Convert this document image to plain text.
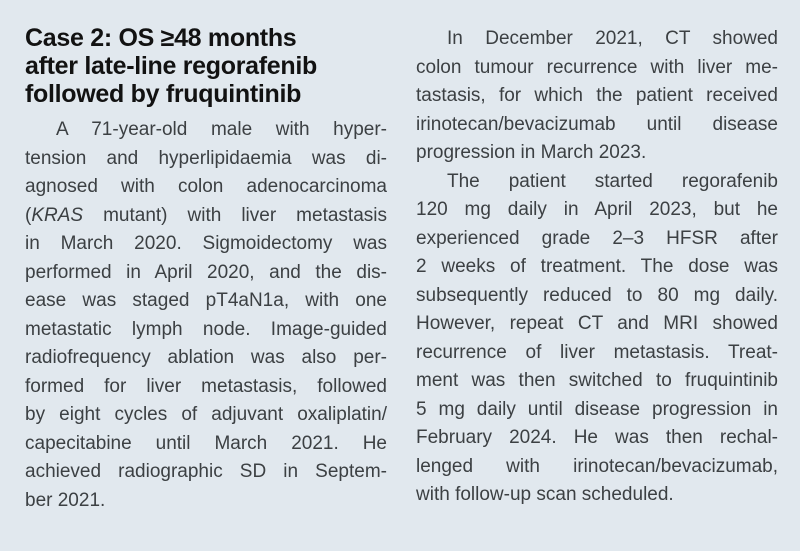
Case 2: OS ≥48 months
after late-line regorafenib
followed by fruquintinib
A 71-year-old male with hyper-
tension and hyperlipidaemia was di-
agnosed with colon adenocarcinoma
(KRAS mutant) with liver metastasis
in March 2020. Sigmoidectomy was
performed in April 2020, and the dis-
ease was staged pT4aN1a, with one
metastatic lymph node. Image-guided
radiofrequency ablation was also per-
formed for liver metastasis, followed
by eight cycles of adjuvant oxaliplatin/
capecitabine until March 2021. He
achieved radiographic SD in Septem-
ber 2021.
In December 2021, CT showed
colon tumour recurrence with liver me-
tastasis, for which the patient received
irinotecan/bevacizumab until disease
progression in March 2023.
The patient started regorafenib
120 mg daily in April 2023, but he
experienced grade 2–3 HFSR after
2 weeks of treatment. The dose was
subsequently reduced to 80 mg daily.
However, repeat CT and MRI showed
recurrence of liver metastasis. Treat-
ment was then switched to fruquintinib
5 mg daily until disease progression in
February 2024. He was then rechal-
lenged with irinotecan/bevacizumab,
with follow-up scan scheduled.
